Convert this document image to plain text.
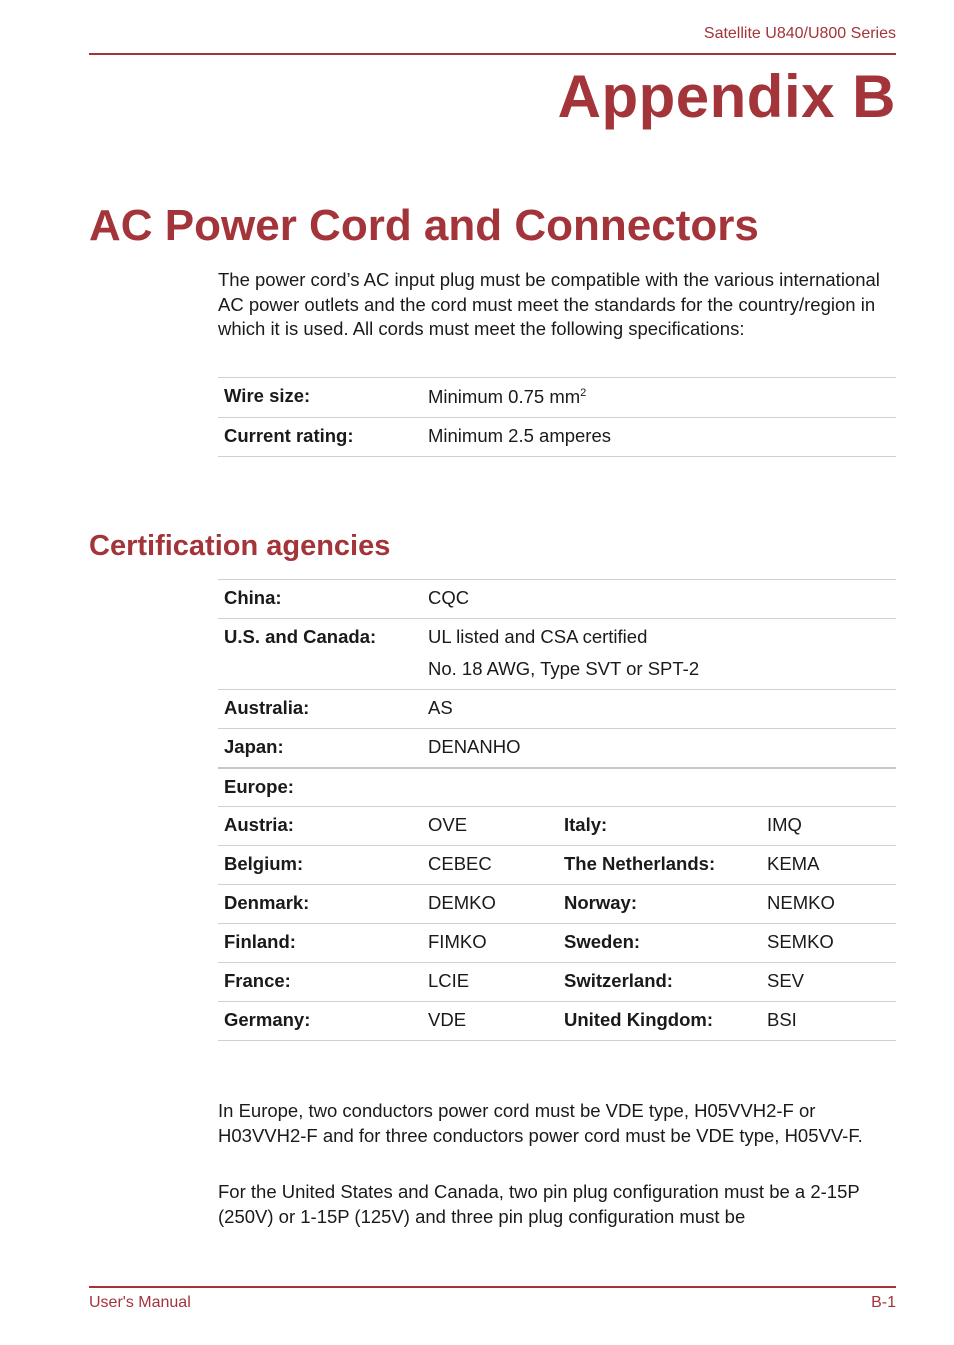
Satellite U840/U800 Series
Appendix B
AC Power Cord and Connectors

The power cord’s AC input plug must be compatible with the various international AC power outlets and the cord must meet the standards for the country/region in which it is used. All cords must meet the following specifications:

Wire size:	Minimum 0.75 $mm^2$
Current rating:	Minimum 2.5 amperes
Certification agencies
China:	CQC		
U.S. and Canada:	UL listed and CSA certified
No. 18 AWG, Type SVT or SPT-2		

Australia:	AS		
Japan:	DENANHO		
Europe:			
Austria:	OVE	Italy:	IMQ
Belgium:	CEBEC	The Netherlands:	KEMA
Denmark:	DEMKO	Norway:	NEMKO
Finland:	FIMKO	Sweden:	SEMKO
France:	LCIE	Switzerland:	SEV
Germany:	VDE	United Kingdom:	BSI

In Europe, two conductors power cord must be VDE type, H05VVH2-F or H03VVH2-F and for three conductors power cord must be VDE type, H05VV-F.

For the United States and Canada, two pin plug configuration must be a 2-15P (250V) or 1-15P (125V) and three pin plug configuration must be

User's Manual	B-1
